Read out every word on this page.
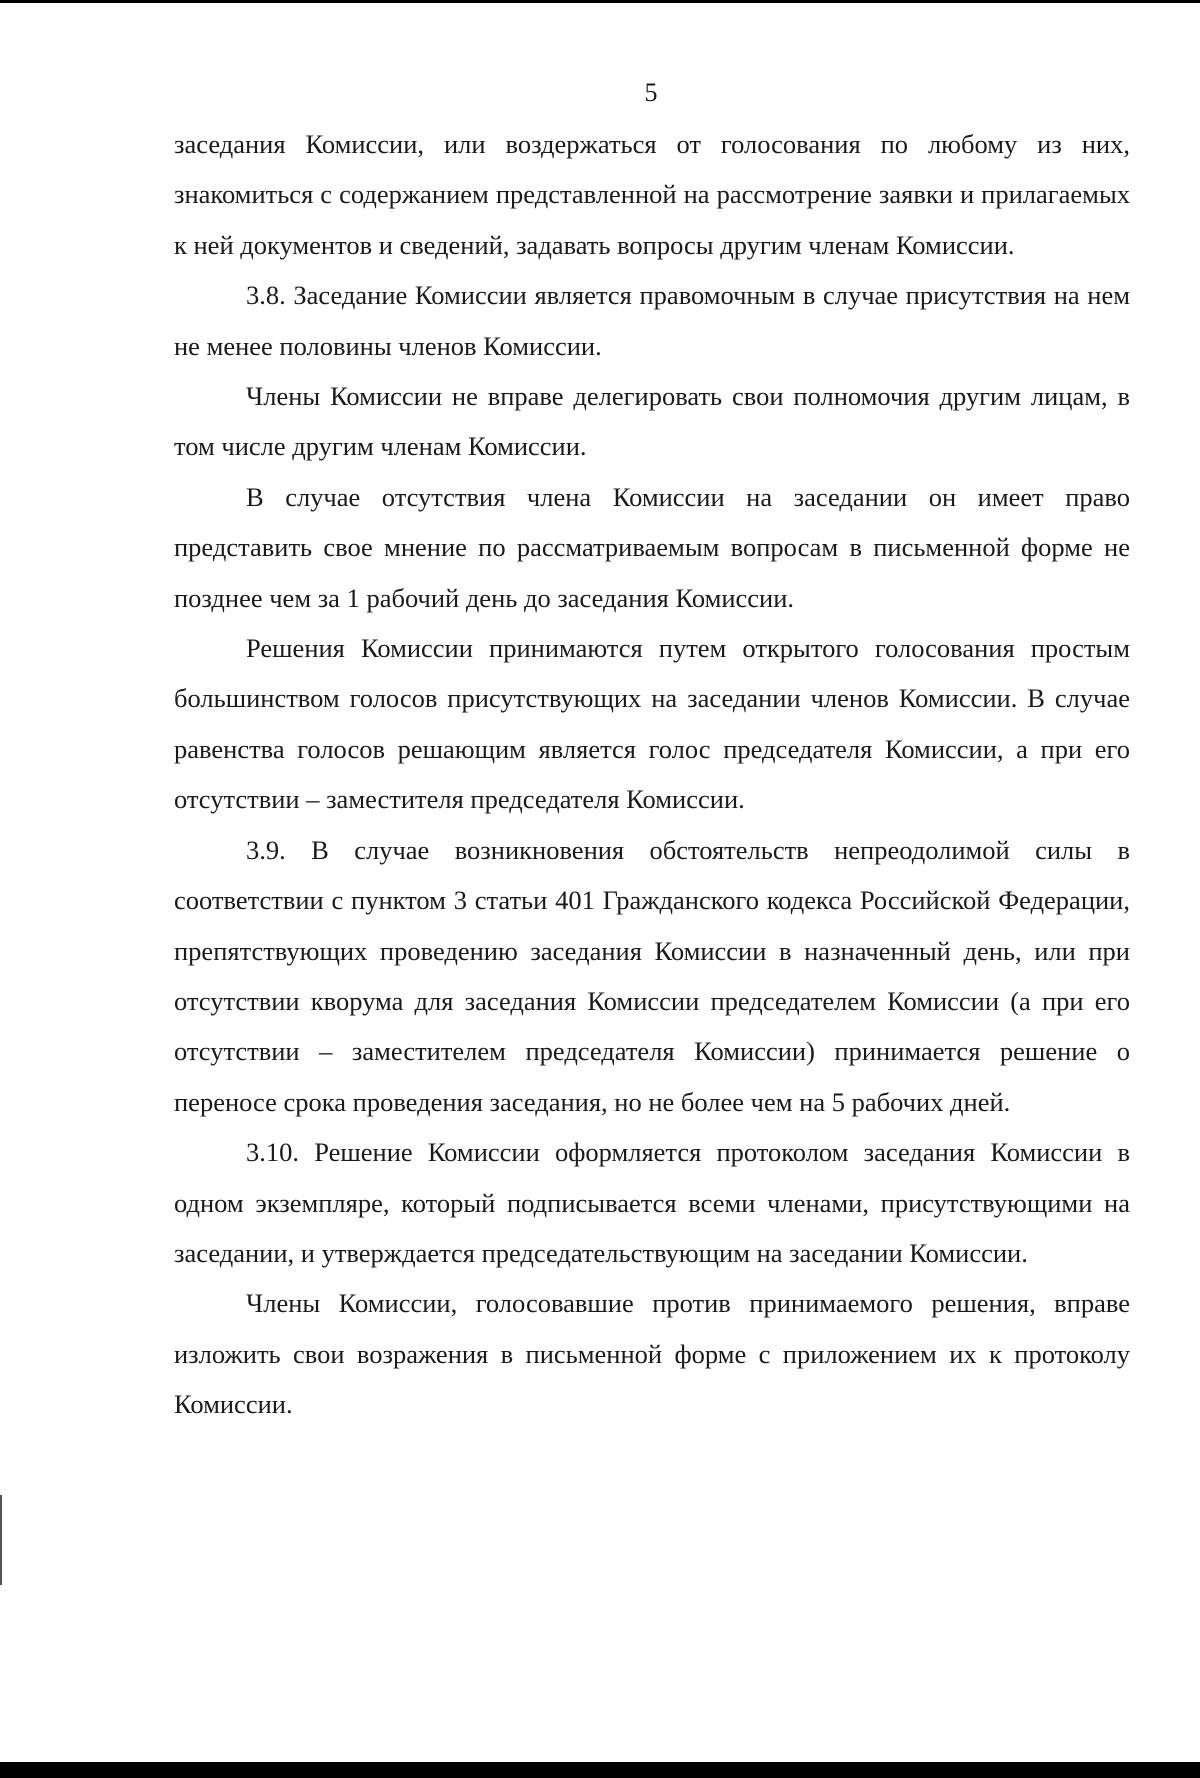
5

заседания Комиссии, или воздержаться от голосования по любому из них, знакомиться с содержанием представленной на рассмотрение заявки и прилагаемых к ней документов и сведений, задавать вопросы другим членам Комиссии.

3.8. Заседание Комиссии является правомочным в случае присутствия на нем не менее половины членов Комиссии.

Члены Комиссии не вправе делегировать свои полномочия другим лицам, в том числе другим членам Комиссии.

В случае отсутствия члена Комиссии на заседании он имеет право представить свое мнение по рассматриваемым вопросам в письменной форме не позднее чем за 1 рабочий день до заседания Комиссии.

Решения Комиссии принимаются путем открытого голосования простым большинством голосов присутствующих на заседании членов Комиссии. В случае равенства голосов решающим является голос председателя Комиссии, а при его отсутствии – заместителя председателя Комиссии.

3.9. В случае возникновения обстоятельств непреодолимой силы в соответствии с пунктом 3 статьи 401 Гражданского кодекса Российской Федерации, препятствующих проведению заседания Комиссии в назначенный день, или при отсутствии кворума для заседания Комиссии председателем Комиссии (а при его отсутствии – заместителем председателя Комиссии) принимается решение о переносе срока проведения заседания, но не более чем на 5 рабочих дней.

3.10. Решение Комиссии оформляется протоколом заседания Комиссии в одном экземпляре, который подписывается всеми членами, присутствующими на заседании, и утверждается председательствующим на заседании Комиссии.

Члены Комиссии, голосовавшие против принимаемого решения, вправе изложить свои возражения в письменной форме с приложением их к протоколу Комиссии.
